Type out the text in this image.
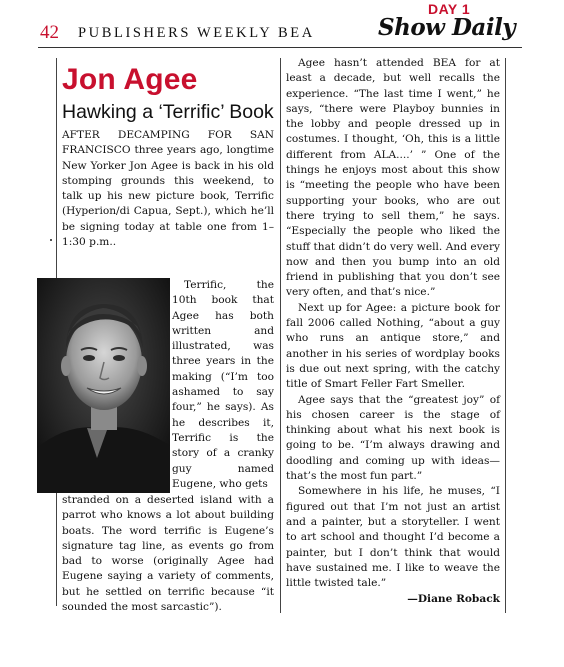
42 PUBLISHERS WEEKLY BEA
DAY 1
Show Daily
Jon Agee
Hawking a ‘Terrific’ Book

AFTER DECAMPING FOR SAN FRANCISCO three years ago, longtime New Yorker Jon Agee is back in his old stomping grounds this weekend, to talk up his new picture book, Terrific (Hyperion/di Capua, Sept.), which he’ll be signing today at table one from 1–1:30 p.m..

Terrific, the 10th book that Agee has both written and illustrated, was three years in the making (“I’m too ashamed to say four,” he says). As he describes it, Terrific is the story of a cranky guy named Eugene, who gets

stranded on a deserted island with a parrot who knows a lot about building boats. The word terrific is Eugene’s signature tag line, as events go from bad to worse (originally Agee had Eugene saying a variety of comments, but he settled on terrific because “it sounded the most sarcastic”).

Agee hasn’t attended BEA for at least a decade, but well recalls the experience. “The last time I went,” he says, “there were Playboy bunnies in the lobby and people dressed up in costumes. I thought, ‘Oh, this is a little different from ALA....’ ” One of the things he enjoys most about this show is “meeting the people who have been supporting your books, who are out there trying to sell them,” he says. “Especially the people who liked the stuff that didn’t do very well. And every now and then you bump into an old friend in publishing that you don’t see very often, and that’s nice.”

Next up for Agee: a picture book for fall 2006 called Nothing, “about a guy who runs an antique store,” and another in his series of wordplay books is due out next spring, with the catchy title of Smart Feller Fart Smeller.

Agee says that the “greatest joy” of his chosen career is the stage of thinking about what his next book is going to be. “I’m always drawing and doodling and coming up with ideas—that’s the most fun part.”

Somewhere in his life, he muses, “I figured out that I’m not just an artist and a painter, but a storyteller. I went to art school and thought I’d become a painter, but I don’t think that would have sustained me. I like to weave the little twisted tale.”

—Diane Roback
